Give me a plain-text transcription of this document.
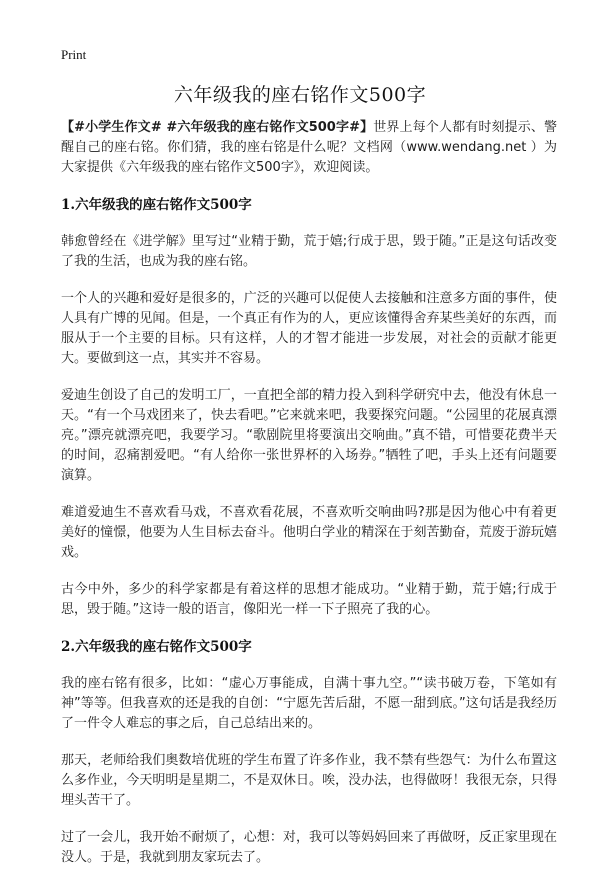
Print
六年级我的座右铭作文500字

【#小学生作文# #六年级我的座右铭作文500字#】世界上每个人都有时刻提示、警醒自己的座右铭。你们猜，我的座右铭是什么呢？文档网（www.wendang.net ）为大家提供《六年级我的座右铭作文500字》，欢迎阅读。

1.六年级我的座右铭作文500字

韩愈曾经在《进学解》里写过“业精于勤，荒于嬉;行成于思，毁于随。”正是这句话改变了我的生活，也成为我的座右铭。

一个人的兴趣和爱好是很多的，广泛的兴趣可以促使人去接触和注意多方面的事件，使人具有广博的见闻。但是，一个真正有作为的人，更应该懂得舍弃某些美好的东西，而服从于一个主要的目标。只有这样，人的才智才能进一步发展，对社会的贡献才能更大。要做到这一点，其实并不容易。

爱迪生创设了自己的发明工厂，一直把全部的精力投入到科学研究中去，他没有休息一天。“有一个马戏团来了，快去看吧。”它来就来吧，我要探究问题。“公园里的花展真漂亮。”漂亮就漂亮吧，我要学习。“歌剧院里将要演出交响曲。”真不错，可惜要花费半天的时间，忍痛割爱吧。“有人给你一张世界杯的入场券。”牺牲了吧，手头上还有问题要演算。

难道爱迪生不喜欢看马戏，不喜欢看花展，不喜欢听交响曲吗?那是因为他心中有着更美好的憧憬，他要为人生目标去奋斗。他明白学业的精深在于刻苦勤奋，荒废于游玩嬉戏。

古今中外，多少的科学家都是有着这样的思想才能成功。“业精于勤，荒于嬉;行成于思，毁于随。”这诗一般的语言，像阳光一样一下子照亮了我的心。

2.六年级我的座右铭作文500字

我的座右铭有很多，比如：“虚心万事能成，自满十事九空。”“读书破万卷，下笔如有神”等等。但我喜欢的还是我的自创：“宁愿先苦后甜，不愿一甜到底。”这句话是我经历了一件令人难忘的事之后，自己总结出来的。

那天，老师给我们奥数培优班的学生布置了许多作业，我不禁有些怨气：为什么布置这么多作业，今天明明是星期二，不是双休日。唉，没办法，也得做呀！我很无奈，只得埋头苦干了。

过了一会儿，我开始不耐烦了，心想：对，我可以等妈妈回来了再做呀，反正家里现在没人。于是，我就到朋友家玩去了。
